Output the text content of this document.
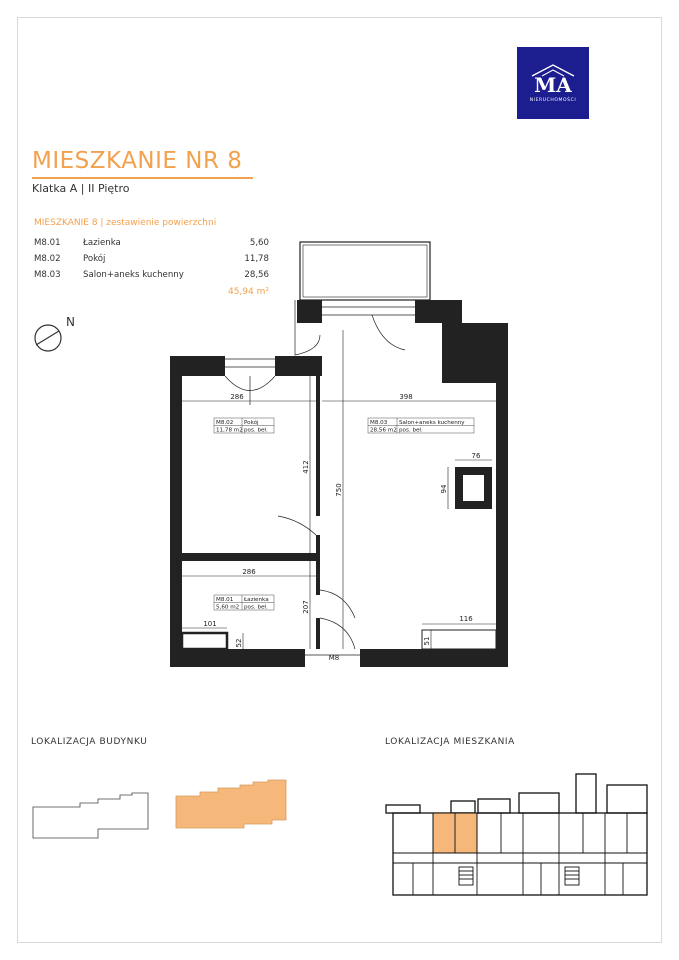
MA
NIERUCHOMOŚCI
MIESZKANIE NR 8
Klatka A | II Piętro
MIESZKANIE 8 | zestawienie powierzchni
M8.01	Łazienka	5,60
M8.02	Pokój	11,78
M8.03	Salon+aneks kuchenny	28,56
45,94 m²
N
286	398
286
750
412
207
76
94
101
52
116
51
M8.02 Pokój
11,78 m2 pos. beł.
M8.03 Salon+aneks kuchenny
28,56 m2 pos. beł.
M8.01 Łazienka
5,60 m2 pos. beł.
M8
LOKALIZACJA BUDYNKU	LOKALIZACJA MIESZKANIA
